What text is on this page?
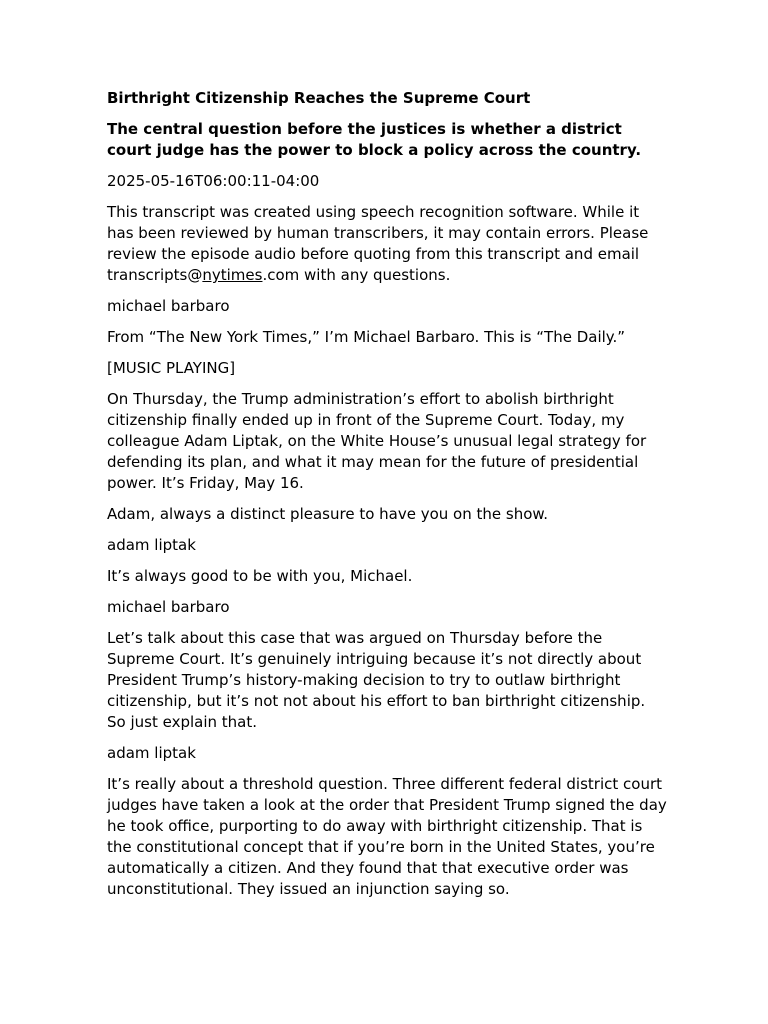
Birthright Citizenship Reaches the Supreme Court
The central question before the justices is whether a district court judge has the power to block a policy across the country.

2025-05-16T06:00:11-04:00

This transcript was created using speech recognition software. While it has been reviewed by human transcribers, it may contain errors. Please review the episode audio before quoting from this transcript and email transcripts@nytimes.com with any questions.

michael barbaro

From “The New York Times,” I’m Michael Barbaro. This is “The Daily.”

[MUSIC PLAYING]

On Thursday, the Trump administration’s effort to abolish birthright citizenship finally ended up in front of the Supreme Court. Today, my colleague Adam Liptak, on the White House’s unusual legal strategy for defending its plan, and what it may mean for the future of presidential power. It’s Friday, May 16.

Adam, always a distinct pleasure to have you on the show.

adam liptak

It’s always good to be with you, Michael.

michael barbaro

Let’s talk about this case that was argued on Thursday before the Supreme Court. It’s genuinely intriguing because it’s not directly about President Trump’s history-making decision to try to outlaw birthright citizenship, but it’s not not about his effort to ban birthright citizenship. So just explain that.

adam liptak

It’s really about a threshold question. Three different federal district court judges have taken a look at the order that President Trump signed the day he took office, purporting to do away with birthright citizenship. That is the constitutional concept that if you’re born in the United States, you’re automatically a citizen. And they found that that executive order was unconstitutional. They issued an injunction saying so.
